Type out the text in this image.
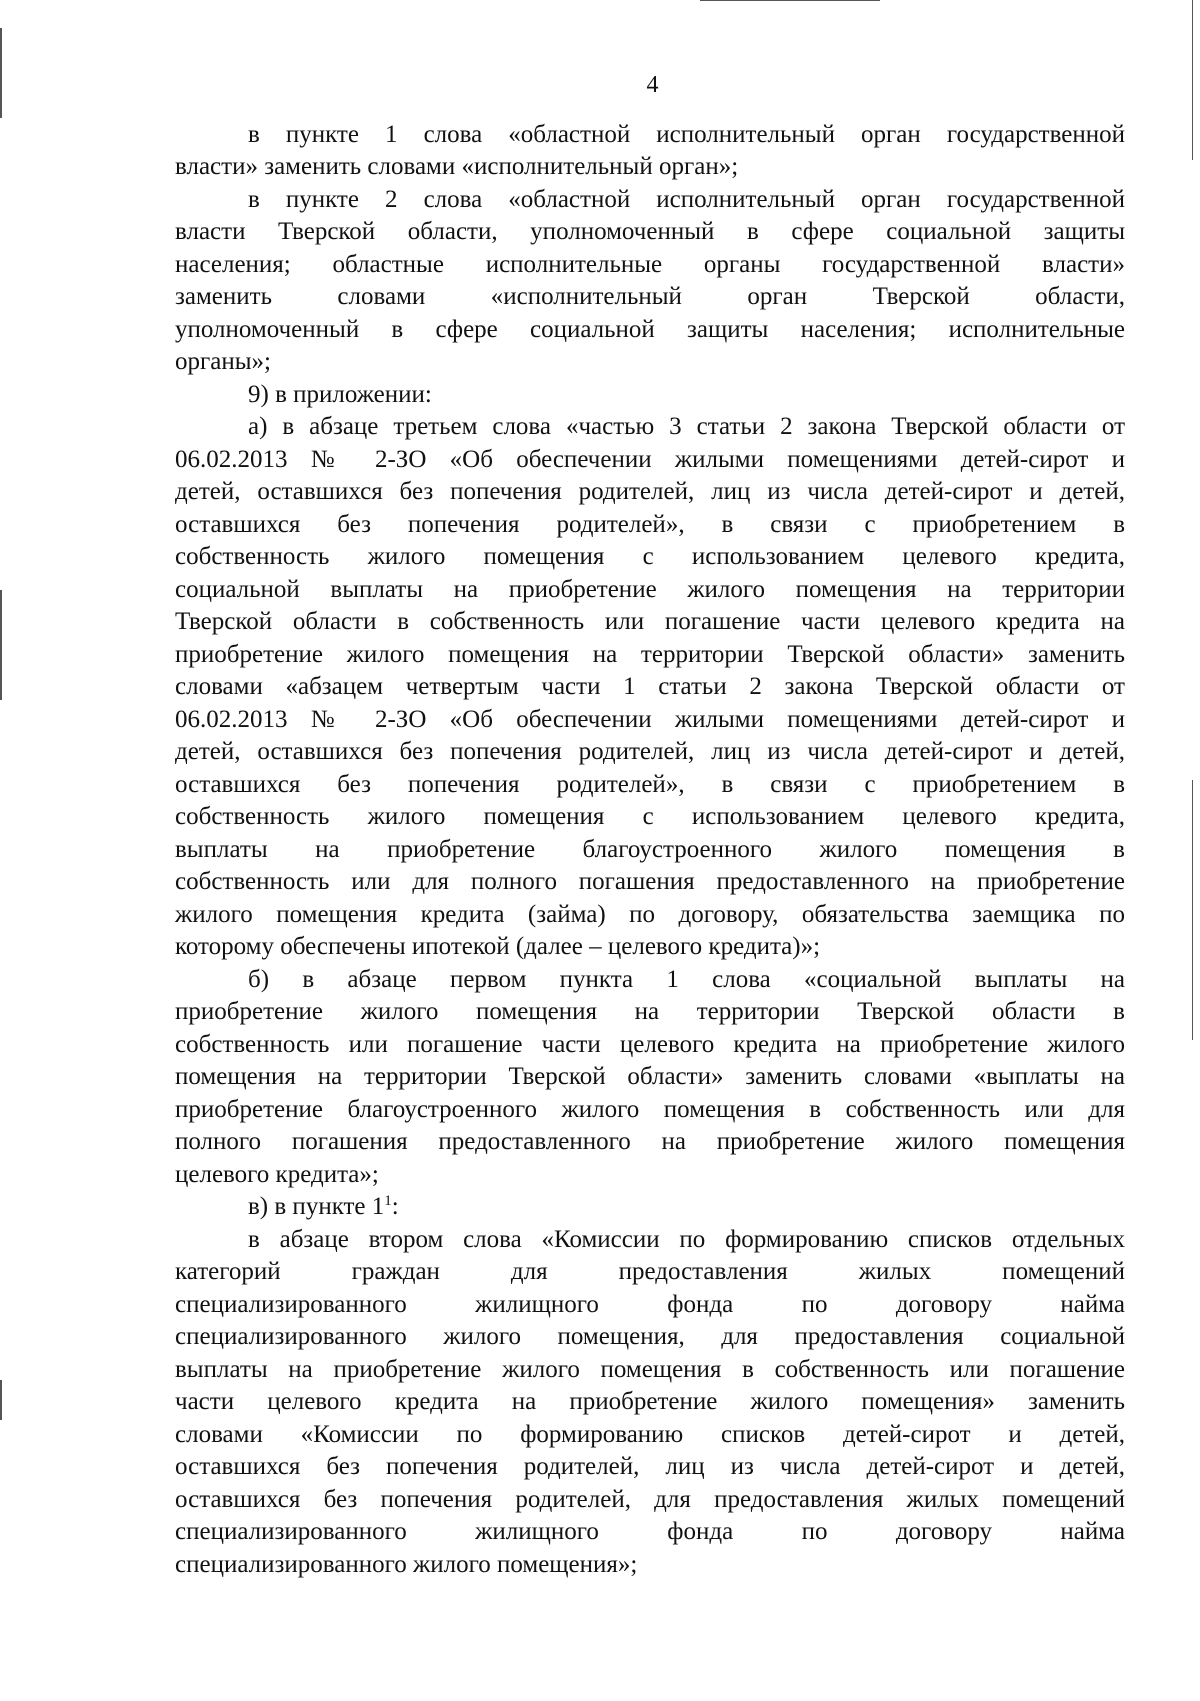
4
в пункте 1 слова «областной исполнительный орган государственной
власти» заменить словами «исполнительный орган»;
в пункте 2 слова «областной исполнительный орган государственной
власти Тверской области, уполномоченный в сфере социальной защиты
населения; областные исполнительные органы государственной власти»
заменить словами «исполнительный орган Тверской области,
уполномоченный в сфере социальной защиты населения; исполнительные
органы»;
9) в приложении:
а) в абзаце третьем слова «частью 3 статьи 2 закона Тверской области от
06.02.2013 № 2-ЗО «Об обеспечении жилыми помещениями детей-сирот и
детей, оставшихся без попечения родителей, лиц из числа детей-сирот и детей,
оставшихся без попечения родителей», в связи с приобретением в
собственность жилого помещения с использованием целевого кредита,
социальной выплаты на приобретение жилого помещения на территории
Тверской области в собственность или погашение части целевого кредита на
приобретение жилого помещения на территории Тверской области» заменить
словами «абзацем четвертым части 1 статьи 2 закона Тверской области от
06.02.2013 № 2-ЗО «Об обеспечении жилыми помещениями детей-сирот и
детей, оставшихся без попечения родителей, лиц из числа детей-сирот и детей,
оставшихся без попечения родителей», в связи с приобретением в
собственность жилого помещения с использованием целевого кредита,
выплаты на приобретение благоустроенного жилого помещения в
собственность или для полного погашения предоставленного на приобретение
жилого помещения кредита (займа) по договору, обязательства заемщика по
которому обеспечены ипотекой (далее – целевого кредита)»;
б) в абзаце первом пункта 1 слова «социальной выплаты на
приобретение жилого помещения на территории Тверской области в
собственность или погашение части целевого кредита на приобретение жилого
помещения на территории Тверской области» заменить словами «выплаты на
приобретение благоустроенного жилого помещения в собственность или для
полного погашения предоставленного на приобретение жилого помещения
целевого кредита»;
в) в пункте $1^1$:
в абзаце втором слова «Комиссии по формированию списков отдельных
категорий граждан для предоставления жилых помещений
специализированного жилищного фонда по договору найма
специализированного жилого помещения, для предоставления социальной
выплаты на приобретение жилого помещения в собственность или погашение
части целевого кредита на приобретение жилого помещения» заменить
словами «Комиссии по формированию списков детей-сирот и детей,
оставшихся без попечения родителей, лиц из числа детей-сирот и детей,
оставшихся без попечения родителей, для предоставления жилых помещений
специализированного жилищного фонда по договору найма
специализированного жилого помещения»;
